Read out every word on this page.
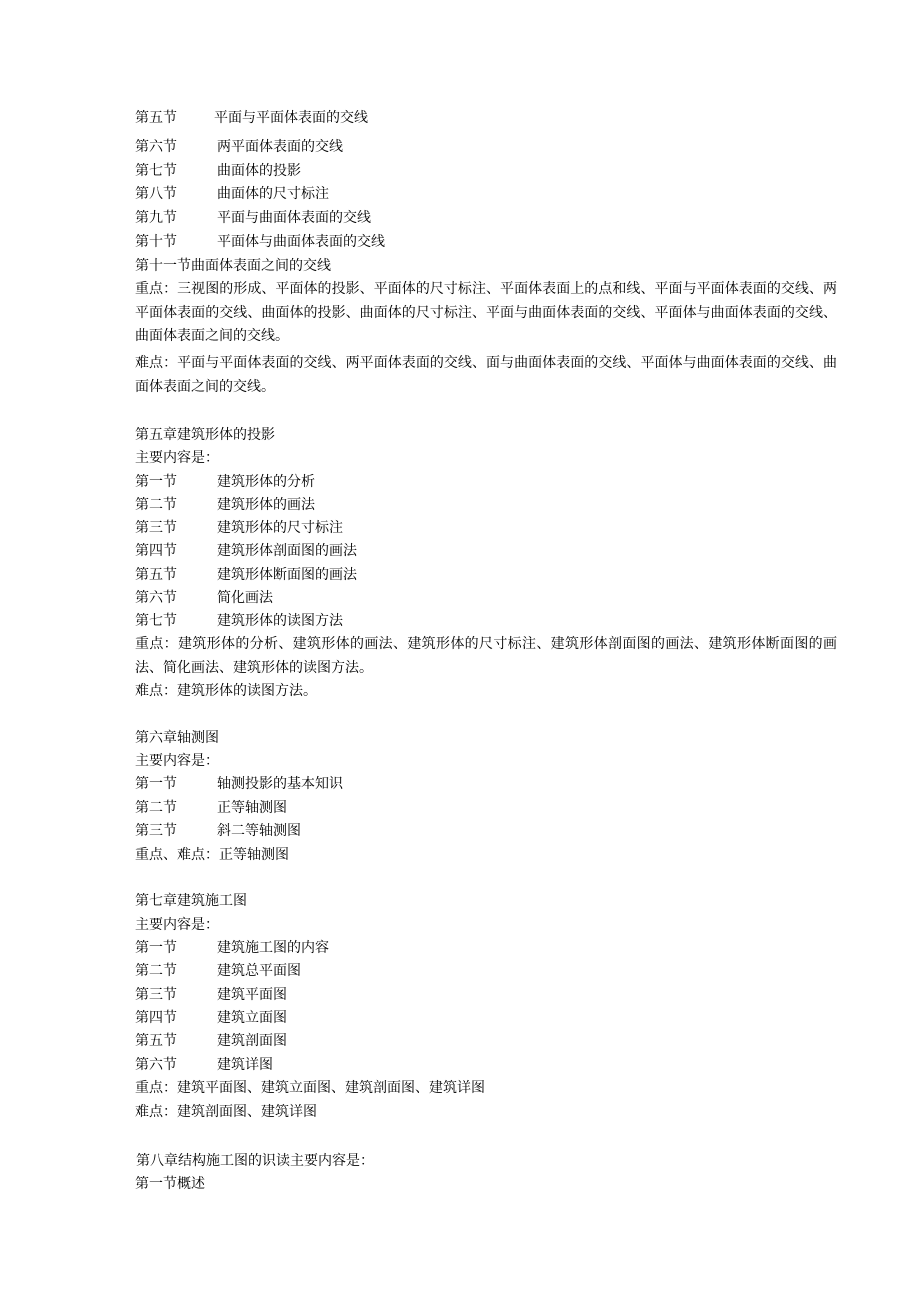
第五节	平面与平面体表面的交线
第六节	两平面体表面的交线
第七节	曲面体的投影
第八节	曲面体的尺寸标注
第九节	平面与曲面体表面的交线
第十节	平面体与曲面体表面的交线
第十一节曲面体表面之间的交线
重点：三视图的形成、平面体的投影、平面体的尺寸标注、平面体表面上的点和线、平面与平面体表面的交线、两平面体表面的交线、曲面体的投影、曲面体的尺寸标注、平面与曲面体表面的交线、平面体与曲面体表面的交线、曲面体表面之间的交线。
难点：平面与平面体表面的交线、两平面体表面的交线、面与曲面体表面的交线、平面体与曲面体表面的交线、曲面体表面之间的交线。
第五章建筑形体的投影
主要内容是：
第一节	建筑形体的分析
第二节	建筑形体的画法
第三节	建筑形体的尺寸标注
第四节	建筑形体剖面图的画法
第五节	建筑形体断面图的画法
第六节	简化画法
第七节	建筑形体的读图方法
重点：建筑形体的分析、建筑形体的画法、建筑形体的尺寸标注、建筑形体剖面图的画法、建筑形体断面图的画法、简化画法、建筑形体的读图方法。
难点：建筑形体的读图方法。
第六章轴测图
主要内容是：
第一节	轴测投影的基本知识
第二节	正等轴测图
第三节	斜二等轴测图
重点、难点：正等轴测图
第七章建筑施工图
主要内容是：
第一节	建筑施工图的内容
第二节	建筑总平面图
第三节	建筑平面图
第四节	建筑立面图
第五节	建筑剖面图
第六节	建筑详图
重点：建筑平面图、建筑立面图、建筑剖面图、建筑详图
难点：建筑剖面图、建筑详图
第八章结构施工图的识读主要内容是：
第一节概述
